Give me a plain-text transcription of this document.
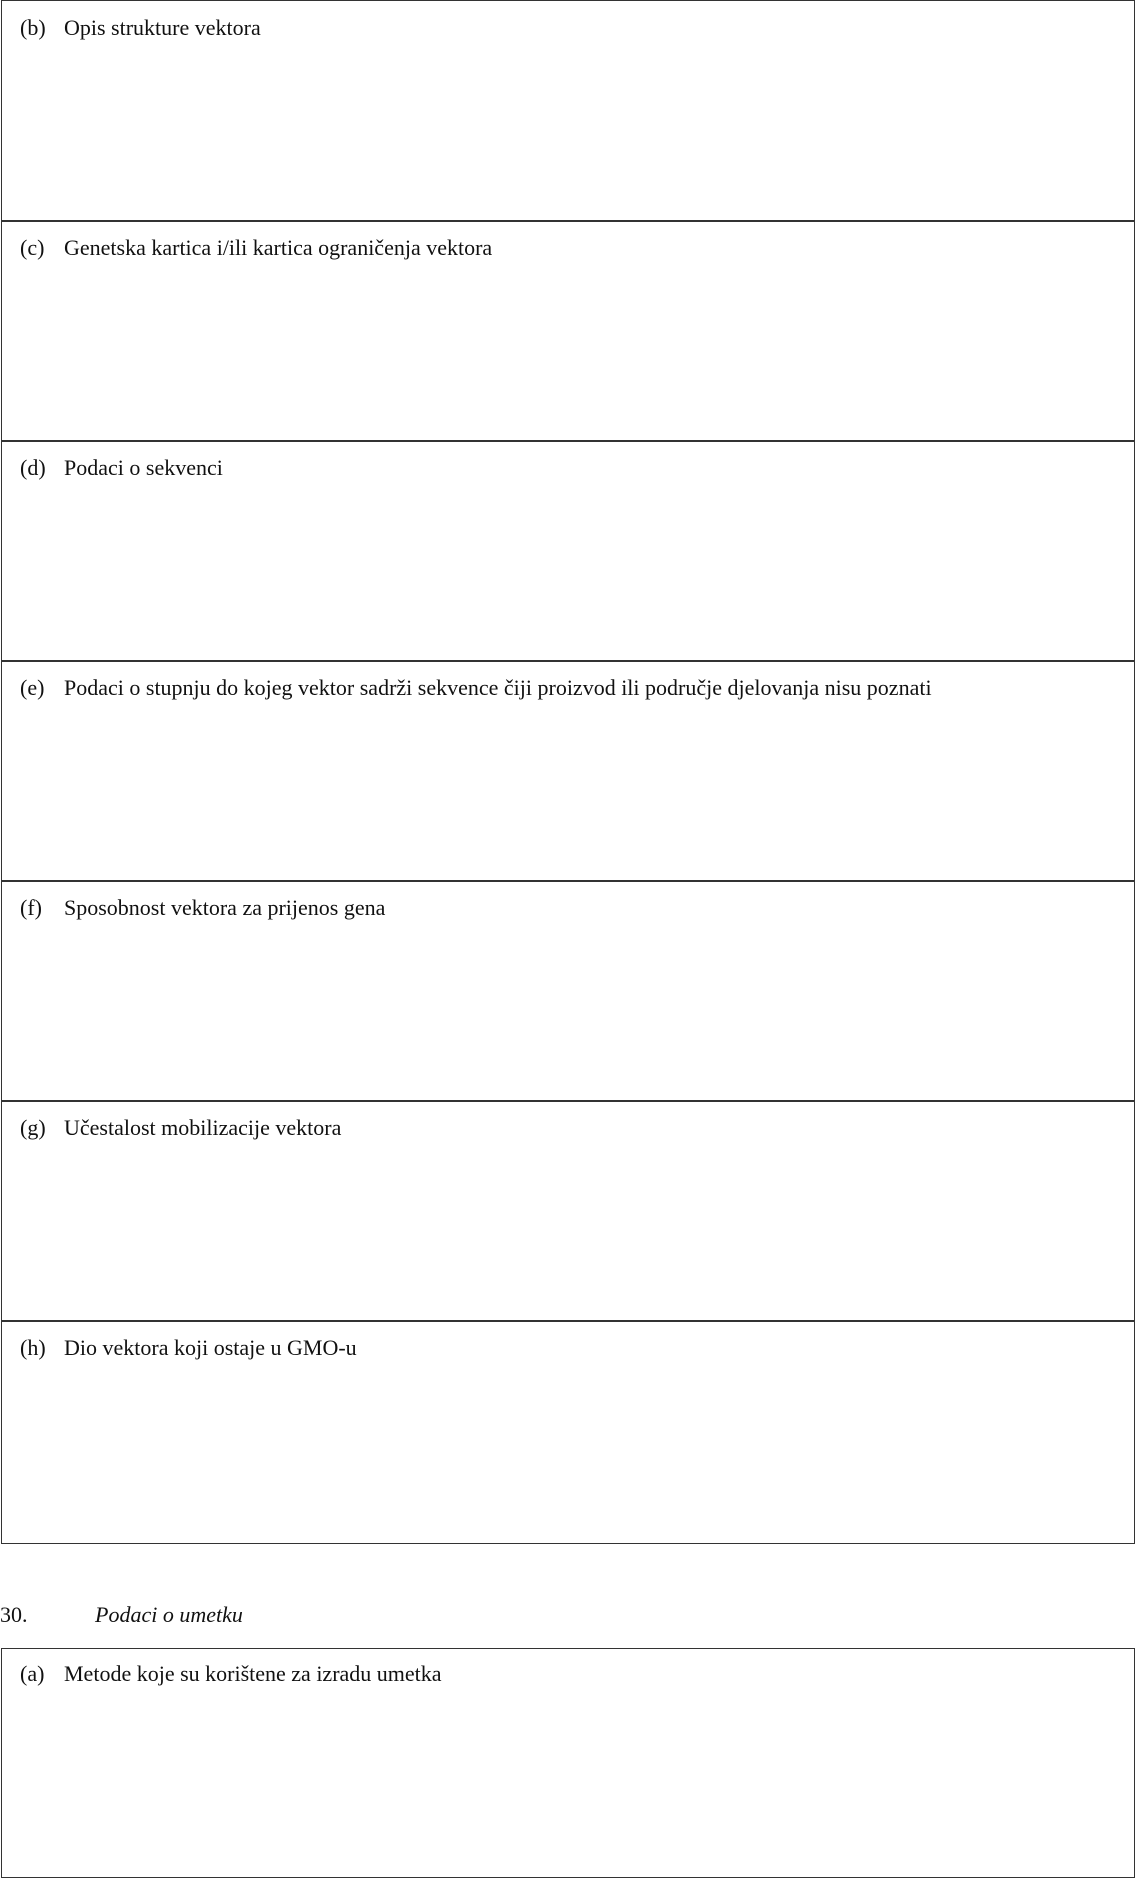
(b) Opis strukture vektora
(c) Genetska kartica i/ili kartica ograničenja vektora
(d) Podaci o sekvenci
(e) Podaci o stupnju do kojeg vektor sadrži sekvence čiji proizvod ili područje djelovanja nisu poznati
(f) Sposobnost vektora za prijenos gena
(g) Učestalost mobilizacije vektora
(h) Dio vektora koji ostaje u GMO-u
30.	Podaci o umetku
(a) Metode koje su korištene za izradu umetka
